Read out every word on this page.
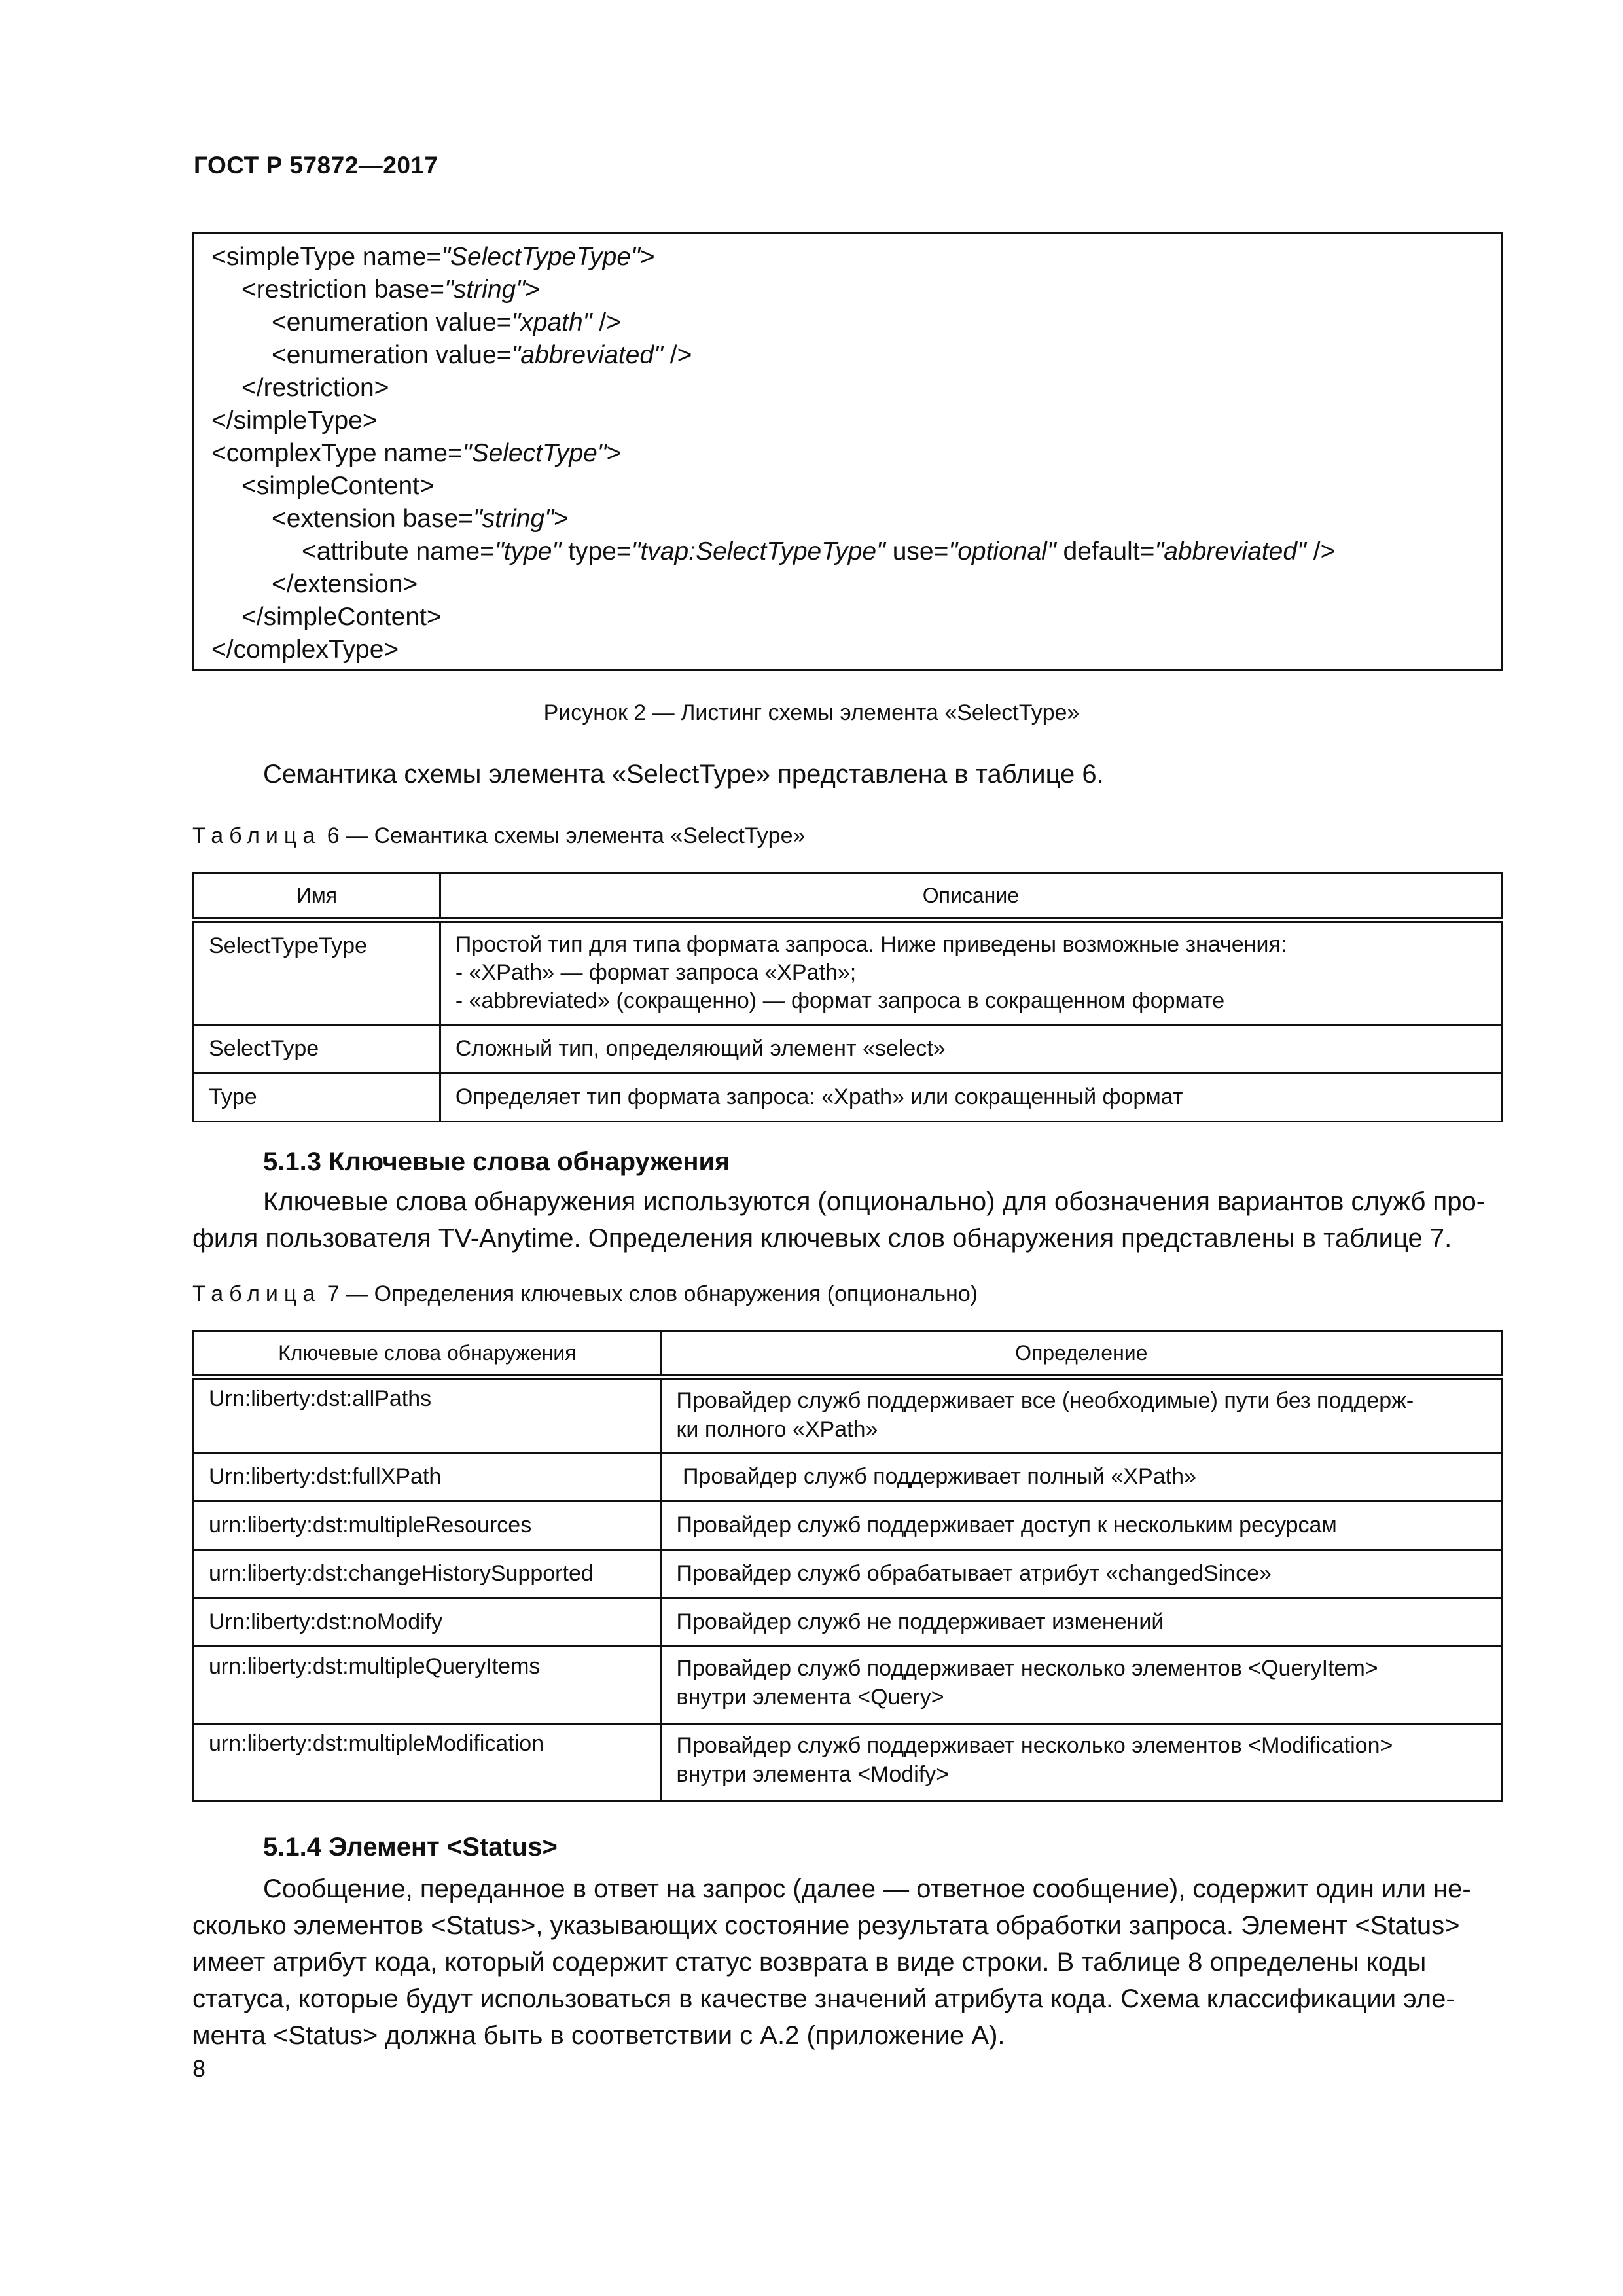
ГОСТ Р 57872—2017
<simpleType name="SelectTypeType">
<restriction base="string">
<enumeration value="xpath" />
<enumeration value="abbreviated" />
</restriction>
</simpleType>
<complexType name="SelectType">
<simpleContent>
<extension base="string">
<attribute name="type" type="tvap:SelectTypeType" use="optional" default="abbreviated" />
</extension>
</simpleContent>
</complexType>
Рисунок 2 — Листинг схемы элемента «SelectType»
Семантика схемы элемента «SelectType» представлена в таблице 6.
Таблица 6 — Семантика схемы элемента «SelectType»
Имя	Описание
SelectTypeType	Простой тип для типа формата запроса. Ниже приведены возможные значения:
- «XPath» — формат запроса «XPath»;
- «abbreviated» (сокращенно) — формат запроса в сокращенном формате

SelectType	Сложный тип, определяющий элемент «select»
Type	Определяет тип формата запроса: «Xpath» или сокращенный формат
5.1.3 Ключевые слова обнаружения
Ключевые слова обнаружения используются (опционально) для обозначения вариантов служб про-
филя пользователя TV-Anytime. Определения ключевых слов обнаружения представлены в таблице 7.
Таблица 7 — Определения ключевых слов обнаружения (опционально)
Ключевые слова обнаружения	Определение
Urn:liberty:dst:allPaths	Провайдер служб поддерживает все (необходимые) пути без поддерж-
ки полного «XPath»

Urn:liberty:dst:fullXPath	Провайдер служб поддерживает полный «XPath»
urn:liberty:dst:multipleResources	Провайдер служб поддерживает доступ к нескольким ресурсам
urn:liberty:dst:changeHistorySupported	Провайдер служб обрабатывает атрибут «changedSince»
Urn:liberty:dst:noModify	Провайдер служб не поддерживает изменений
urn:liberty:dst:multipleQueryItems	Провайдер служб поддерживает несколько элементов <QueryItem>
внутри элемента <Query>

urn:liberty:dst:multipleModification	Провайдер служб поддерживает несколько элементов <Modification>
внутри элемента <Modify>
5.1.4 Элемент <Status>
Сообщение, переданное в ответ на запрос (далее — ответное сообщение), содержит один или не-
сколько элементов <Status>, указывающих состояние результата обработки запроса. Элемент <Status>
имеет атрибут кода, который содержит статус возврата в виде строки. В таблице 8 определены коды
статуса, которые будут использоваться в качестве значений атрибута кода. Схема классификации эле-
мента <Status> должна быть в соответствии с А.2 (приложение А).
8
